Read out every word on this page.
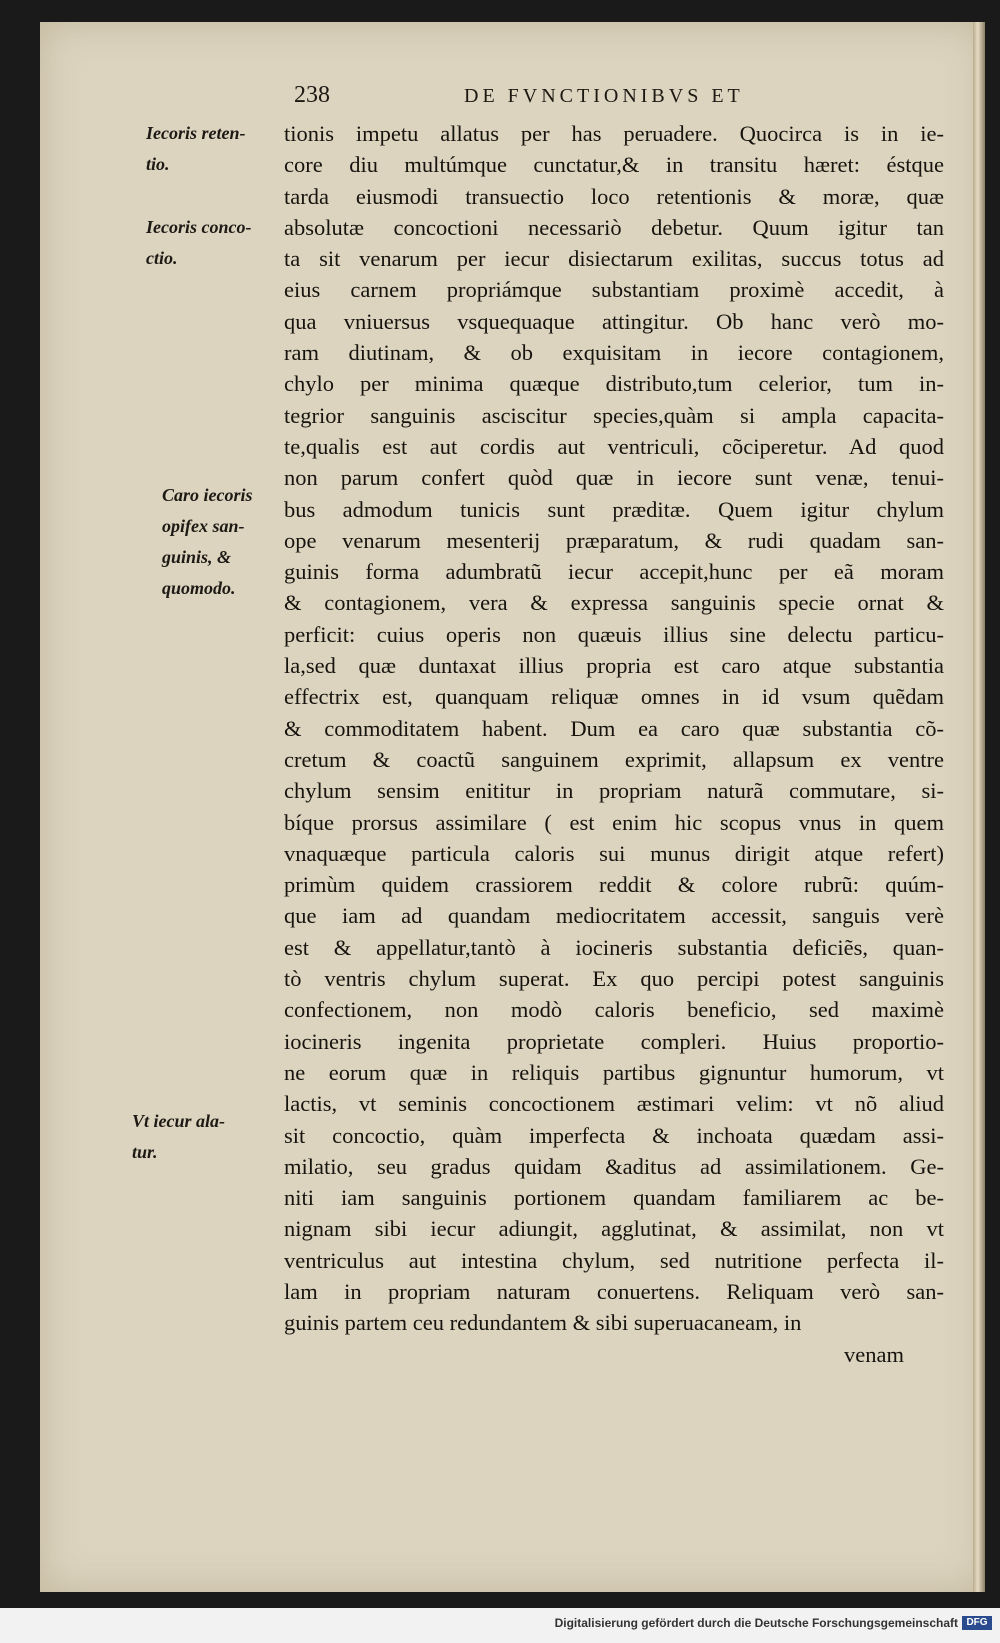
238	DE FVNCTIONIBVS ET
Iecoris reten-
tio.
Iecoris conco-
ctio.
Caro iecoris
opifex san-
guinis, &
quomodo.
Vt iecur ala-
tur.
tionis impetu allatus per has peruadere. Quocirca is in ie-
core diu multúmque cunctatur,& in transitu hæret: éstque
tarda eiusmodi transuectio loco retentionis & moræ, quæ
absolutæ concoctioni necessariò debetur. Quum igitur tan
ta sit venarum per iecur disiectarum exilitas, succus totus ad
eius carnem propriámque substantiam proximè accedit, à
qua vniuersus vsquequaque attingitur. Ob hanc verò mo-
ram diutinam, & ob exquisitam in iecore contagionem,
chylo per minima quæque distributo,tum celerior, tum in-
tegrior sanguinis asciscitur species,quàm si ampla capacita-
te,qualis est aut cordis aut ventriculi, cõciperetur. Ad quod
non parum confert quòd quæ in iecore sunt venæ, tenui-
bus admodum tunicis sunt præditæ. Quem igitur chylum
ope venarum mesenterij præparatum, & rudi quadam san-
guinis forma adumbratũ iecur accepit,hunc per eã moram
& contagionem, vera & expressa sanguinis specie ornat &
perficit: cuius operis non quæuis illius sine delectu particu-
la,sed quæ duntaxat illius propria est caro atque substantia
effectrix est, quanquam reliquæ omnes in id vsum quẽdam
& commoditatem habent. Dum ea caro quæ substantia cõ-
cretum & coactũ sanguinem exprimit, allapsum ex ventre
chylum sensim enititur in propriam naturã commutare, si-
bíque prorsus assimilare ( est enim hic scopus vnus in quem
vnaquæque particula caloris sui munus dirigit atque refert)
primùm quidem crassiorem reddit & colore rubrũ: quúm-
que iam ad quandam mediocritatem accessit, sanguis verè
est & appellatur,tantò à iocineris substantia deficiẽs, quan-
tò ventris chylum superat. Ex quo percipi potest sanguinis
confectionem, non modò caloris beneficio, sed maximè
iocineris ingenita proprietate compleri. Huius proportio-
ne eorum quæ in reliquis partibus gignuntur humorum, vt
lactis, vt seminis concoctionem æstimari velim: vt nõ aliud
sit concoctio, quàm imperfecta & inchoata quædam assi-
milatio, seu gradus quidam &aditus ad assimilationem. Ge-
niti iam sanguinis portionem quandam familiarem ac be-
nignam sibi iecur adiungit, agglutinat, & assimilat, non vt
ventriculus aut intestina chylum, sed nutritione perfecta il-
lam in propriam naturam conuertens. Reliquam verò san-
guinis partem ceu redundantem & sibi superuacaneam, in
venam
Digitalisierung gefördert durch die Deutsche Forschungsgemeinschaft DFG
